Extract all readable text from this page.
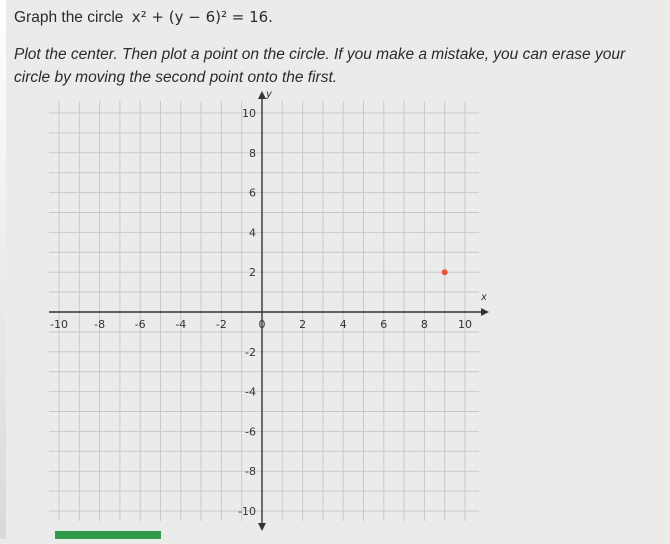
Graph the circle x² + (y − 6)² = 16.
Plot the center. Then plot a point on the circle. If you make a mistake, you can erase your circle by moving the second point onto the first.
x
y
-10 -8	-6	-4	-2	0	2	4	6	8	10
10
8
6
4
2
-2
-4
-6
-8
-10
